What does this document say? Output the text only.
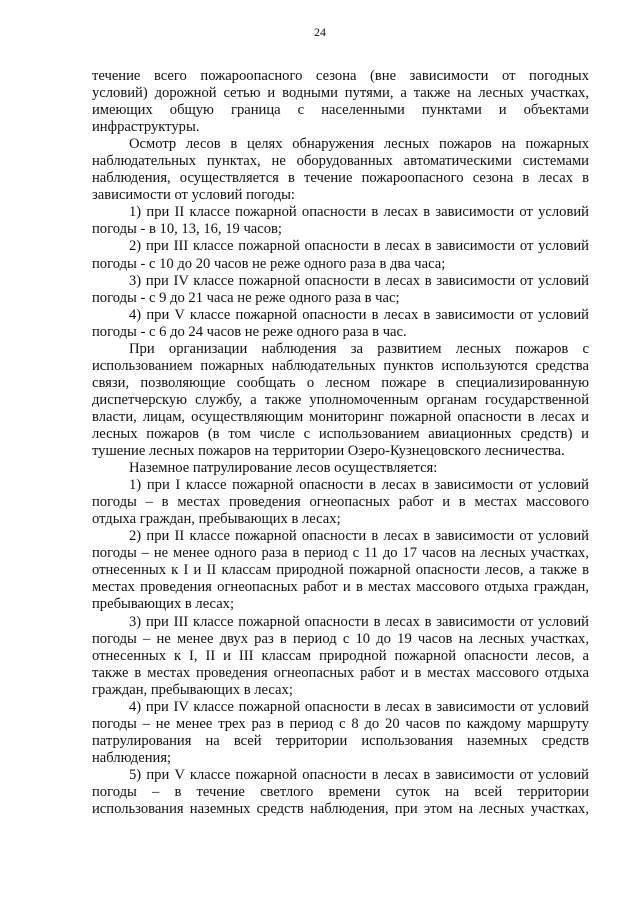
24
течение всего пожароопасного сезона (вне зависимости от погодных
условий) дорожной сетью и водными путями, а также на лесных участках,
имеющих общую граница с населенными пунктами и объектами
инфраструктуры.
Осмотр лесов в целях обнаружения лесных пожаров на пожарных
наблюдательных пунктах, не оборудованных автоматическими системами
наблюдения, осуществляется в течение пожароопасного сезона в лесах в
зависимости от условий погоды:
1) при II классе пожарной опасности в лесах в зависимости от условий
погоды - в 10, 13, 16, 19 часов;
2) при III классе пожарной опасности в лесах в зависимости от условий
погоды - с 10 до 20 часов не реже одного раза в два часа;
3) при IV классе пожарной опасности в лесах в зависимости от условий
погоды - с 9 до 21 часа не реже одного раза в час;
4) при V классе пожарной опасности в лесах в зависимости от условий
погоды - с 6 до 24 часов не реже одного раза в час.
При организации наблюдения за развитием лесных пожаров с
использованием пожарных наблюдательных пунктов используются средства
связи, позволяющие сообщать о лесном пожаре в специализированную
диспетчерскую службу, а также уполномоченным органам государственной
власти, лицам, осуществляющим мониторинг пожарной опасности в лесах и
лесных пожаров (в том числе с использованием авиационных средств) и
тушение лесных пожаров на территории Озеро-Кузнецовского лесничества.
Наземное патрулирование лесов осуществляется:
1) при I классе пожарной опасности в лесах в зависимости от условий
погоды – в местах проведения огнеопасных работ и в местах массового
отдыха граждан, пребывающих в лесах;
2) при II классе пожарной опасности в лесах в зависимости от условий
погоды – не менее одного раза в период с 11 до 17 часов на лесных участках,
отнесенных к I и II классам природной пожарной опасности лесов, а также в
местах проведения огнеопасных работ и в местах массового отдыха граждан,
пребывающих в лесах;
3) при III классе пожарной опасности в лесах в зависимости от условий
погоды – не менее двух раз в период с 10 до 19 часов на лесных участках,
отнесенных к I, II и III классам природной пожарной опасности лесов, а
также в местах проведения огнеопасных работ и в местах массового отдыха
граждан, пребывающих в лесах;
4) при IV классе пожарной опасности в лесах в зависимости от условий
погоды – не менее трех раз в период с 8 до 20 часов по каждому маршруту
патрулирования на всей территории использования наземных средств
наблюдения;
5) при V классе пожарной опасности в лесах в зависимости от условий
погоды – в течение светлого времени суток на всей территории
использования наземных средств наблюдения, при этом на лесных участках,
